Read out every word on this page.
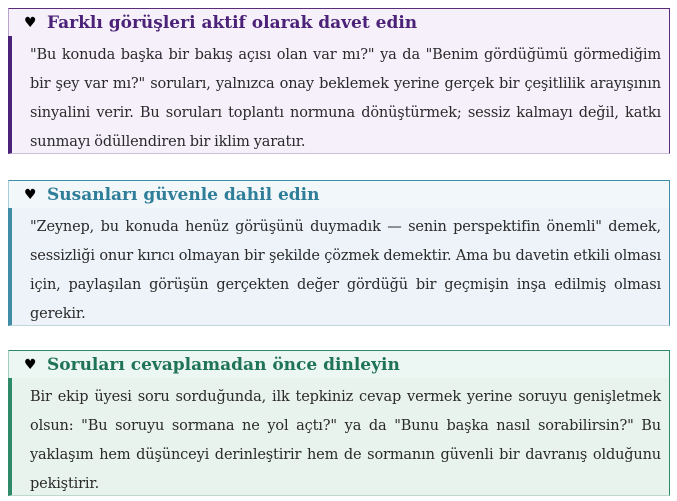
♥ Farklı görüşleri aktif olarak davet edin

"Bu konuda başka bir bakış açısı olan var mı?" ya da "Benim gördüğümü görmediğim bir şey var mı?" soruları, yalnızca onay beklemek yerine gerçek bir çeşitlilik arayışının sinyalini verir. Bu soruları toplantı normuna dönüştürmek; sessiz kalmayı değil, katkı sunmayı ödüllendiren bir iklim yaratır.

♥ Susanları güvenle dahil edin

"Zeynep, bu konuda henüz görüşünü duymadık — senin perspektifin önemli" demek, sessizliği onur kırıcı olmayan bir şekilde çözmek demektir. Ama bu davetin etkili olması için, paylaşılan görüşün gerçekten değer gördüğü bir geçmişin inşa edilmiş olması gerekir.

♥ Soruları cevaplamadan önce dinleyin

Bir ekip üyesi soru sorduğunda, ilk tepkiniz cevap vermek yerine soruyu genişletmek olsun: "Bu soruyu sormana ne yol açtı?" ya da "Bunu başka nasıl sorabilirsin?" Bu yaklaşım hem düşünceyi derinleştirir hem de sormanın güvenli bir davranış olduğunu pekiştirir.
